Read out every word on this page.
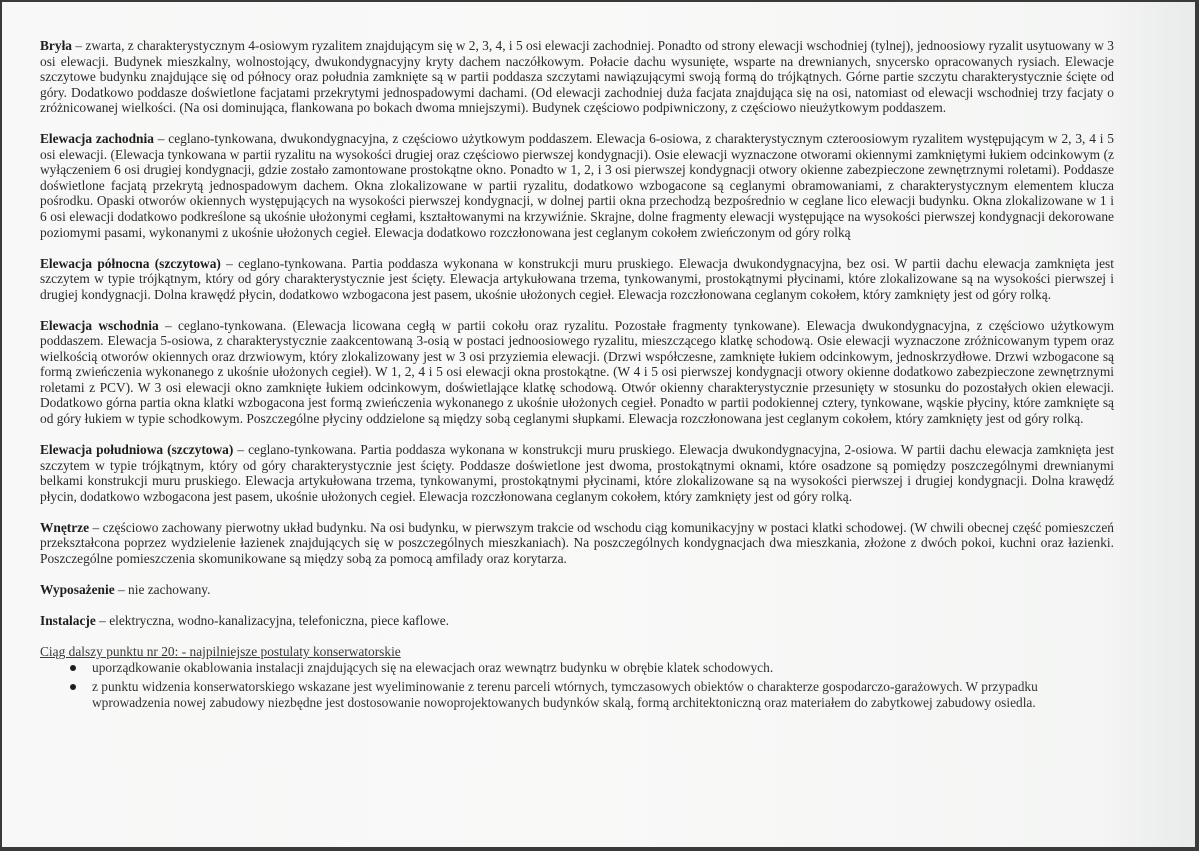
Bryła – zwarta, z charakterystycznym 4-osiowym ryzalitem znajdującym się w 2, 3, 4, i 5 osi elewacji zachodniej. Ponadto od strony elewacji wschodniej (tylnej), jednoosiowy ryzalit usytuowany w 3 osi elewacji. Budynek mieszkalny, wolnostojący, dwukondygnacyjny kryty dachem naczółkowym. Połacie dachu wysunięte, wsparte na drewnianych, snycersko opracowanych rysiach. Elewacje szczytowe budynku znajdujące się od północy oraz południa zamknięte są w partii poddasza szczytami nawiązującymi swoją formą do trójkątnych. Górne partie szczytu charakterystycznie ścięte od góry. Dodatkowo poddasze doświetlone facjatami przekrytymi jednospadowymi dachami. (Od elewacji zachodniej duża facjata znajdująca się na osi, natomiast od elewacji wschodniej trzy facjaty o zróżnicowanej wielkości. (Na osi dominująca, flankowana po bokach dwoma mniejszymi). Budynek częściowo podpiwniczony, z częściowo nieużytkowym poddaszem.

Elewacja zachodnia – ceglano-tynkowana, dwukondygnacyjna, z częściowo użytkowym poddaszem. Elewacja 6-osiowa, z charakterystycznym czteroosiowym ryzalitem występującym w 2, 3, 4 i 5 osi elewacji. (Elewacja tynkowana w partii ryzalitu na wysokości drugiej oraz częściowo pierwszej kondygnacji). Osie elewacji wyznaczone otworami okiennymi zamkniętymi łukiem odcinkowym (z wyłączeniem 6 osi drugiej kondygnacji, gdzie zostało zamontowane prostokątne okno. Ponadto w 1, 2, i 3 osi pierwszej kondygnacji otwory okienne zabezpieczone zewnętrznymi roletami). Poddasze doświetlone facjatą przekrytą jednospadowym dachem. Okna zlokalizowane w partii ryzalitu, dodatkowo wzbogacone są ceglanymi obramowaniami, z charakterystycznym elementem klucza pośrodku. Opaski otworów okiennych występujących na wysokości pierwszej kondygnacji, w dolnej partii okna przechodzą bezpośrednio w ceglane lico elewacji budynku. Okna zlokalizowane w 1 i 6 osi elewacji dodatkowo podkreślone są ukośnie ułożonymi cegłami, kształtowanymi na krzywiźnie. Skrajne, dolne fragmenty elewacji występujące na wysokości pierwszej kondygnacji dekorowane poziomymi pasami, wykonanymi z ukośnie ułożonych cegieł. Elewacja dodatkowo rozczłonowana jest ceglanym cokołem zwieńczonym od góry rolką

Elewacja północna (szczytowa) – ceglano-tynkowana. Partia poddasza wykonana w konstrukcji muru pruskiego. Elewacja dwukondygnacyjna, bez osi. W partii dachu elewacja zamknięta jest szczytem w typie trójkątnym, który od góry charakterystycznie jest ścięty. Elewacja artykułowana trzema, tynkowanymi, prostokątnymi płycinami, które zlokalizowane są na wysokości pierwszej i drugiej kondygnacji. Dolna krawędź płycin, dodatkowo wzbogacona jest pasem, ukośnie ułożonych cegieł. Elewacja rozczłonowana ceglanym cokołem, który zamknięty jest od góry rolką.

Elewacja wschodnia – ceglano-tynkowana. (Elewacja licowana cegłą w partii cokołu oraz ryzalitu. Pozostałe fragmenty tynkowane). Elewacja dwukondygnacyjna, z częściowo użytkowym poddaszem. Elewacja 5-osiowa, z charakterystycznie zaakcentowaną 3-osią w postaci jednoosiowego ryzalitu, mieszczącego klatkę schodową. Osie elewacji wyznaczone zróżnicowanym typem oraz wielkością otworów okiennych oraz drzwiowym, który zlokalizowany jest w 3 osi przyziemia elewacji. (Drzwi współczesne, zamknięte łukiem odcinkowym, jednoskrzydłowe. Drzwi wzbogacone są formą zwieńczenia wykonanego z ukośnie ułożonych cegieł). W 1, 2, 4 i 5 osi elewacji okna prostokątne. (W 4 i 5 osi pierwszej kondygnacji otwory okienne dodatkowo zabezpieczone zewnętrznymi roletami z PCV). W 3 osi elewacji okno zamknięte łukiem odcinkowym, doświetlające klatkę schodową. Otwór okienny charakterystycznie przesunięty w stosunku do pozostałych okien elewacji. Dodatkowo górna partia okna klatki wzbogacona jest formą zwieńczenia wykonanego z ukośnie ułożonych cegieł. Ponadto w partii podokiennej cztery, tynkowane, wąskie płyciny, które zamknięte są od góry łukiem w typie schodkowym. Poszczególne płyciny oddzielone są między sobą ceglanymi słupkami. Elewacja rozczłonowana jest ceglanym cokołem, który zamknięty jest od góry rolką.

Elewacja południowa (szczytowa) – ceglano-tynkowana. Partia poddasza wykonana w konstrukcji muru pruskiego. Elewacja dwukondygnacyjna, 2-osiowa. W partii dachu elewacja zamknięta jest szczytem w typie trójkątnym, który od góry charakterystycznie jest ścięty. Poddasze doświetlone jest dwoma, prostokątnymi oknami, które osadzone są pomiędzy poszczególnymi drewnianymi belkami konstrukcji muru pruskiego. Elewacja artykułowana trzema, tynkowanymi, prostokątnymi płycinami, które zlokalizowane są na wysokości pierwszej i drugiej kondygnacji. Dolna krawędź płycin, dodatkowo wzbogacona jest pasem, ukośnie ułożonych cegieł. Elewacja rozczłonowana ceglanym cokołem, który zamknięty jest od góry rolką.

Wnętrze – częściowo zachowany pierwotny układ budynku. Na osi budynku, w pierwszym trakcie od wschodu ciąg komunikacyjny w postaci klatki schodowej. (W chwili obecnej część pomieszczeń przekształcona poprzez wydzielenie łazienek znajdujących się w poszczególnych mieszkaniach). Na poszczególnych kondygnacjach dwa mieszkania, złożone z dwóch pokoi, kuchni oraz łazienki. Poszczególne pomieszczenia skomunikowane są między sobą za pomocą amfilady oraz korytarza.

Wyposażenie – nie zachowany.

Instalacje – elektryczna, wodno-kanalizacyjna, telefoniczna, piece kaflowe.

Ciąg dalszy punktu nr 20: - najpilniejsze postulaty konserwatorskie

uporządkowanie okablowania instalacji znajdujących się na elewacjach oraz wewnątrz budynku w obrębie klatek schodowych.
z punktu widzenia konserwatorskiego wskazane jest wyeliminowanie z terenu parceli wtórnych, tymczasowych obiektów o charakterze gospodarczo-garażowych. W przypadku wprowadzenia nowej zabudowy niezbędne jest dostosowanie nowoprojektowanych budynków skalą, formą architektoniczną oraz materiałem do zabytkowej zabudowy osiedla.
